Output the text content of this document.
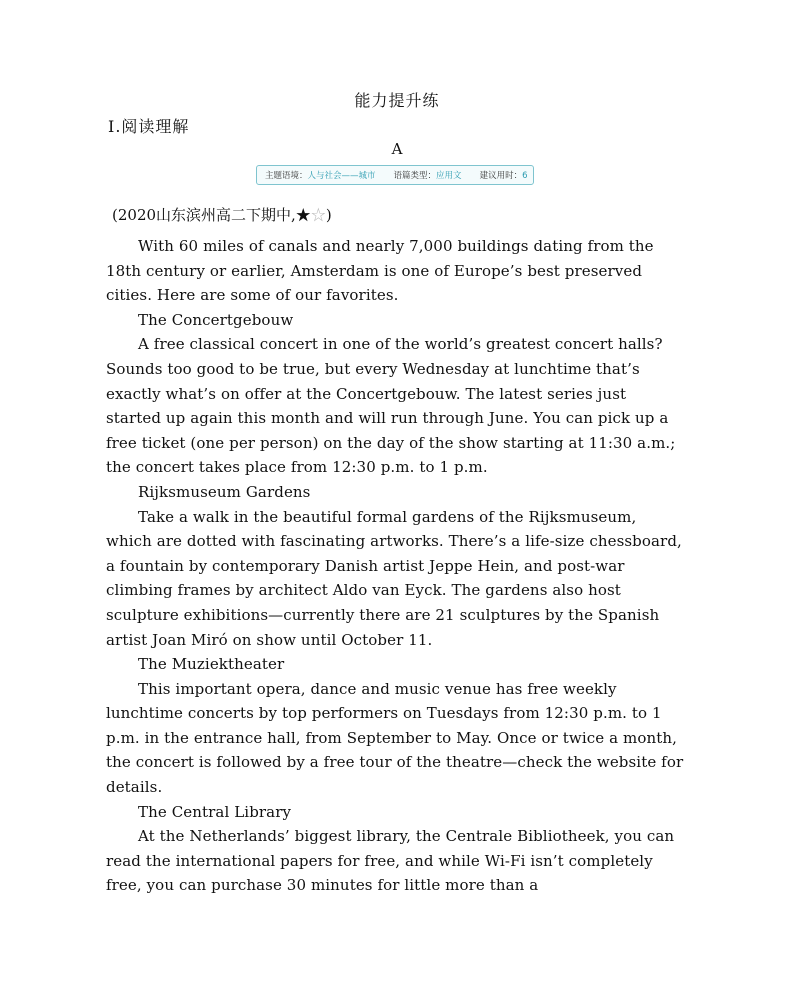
能力提升练
Ⅰ.阅读理解
A
主题语境：人与社会——城市 语篇类型：应用文 建议用时：6
(2020山东滨州高二下期中,★☆)

With 60 miles of canals and nearly 7,000 buildings dating from the 18th century or earlier, Amsterdam is one of Europe’s best preserved cities. Here are some of our favorites.

The Concertgebouw

A free classical concert in one of the world’s greatest concert halls? Sounds too good to be true, but every Wednesday at lunchtime that’s exactly what’s on offer at the Concertgebouw. The latest series just started up again this month and will run through June. You can pick up a free ticket (one per person) on the day of the show starting at 11:30 a.m.; the concert takes place from 12:30 p.m. to 1 p.m.

Rijksmuseum Gardens

Take a walk in the beautiful formal gardens of the Rijksmuseum, which are dotted with fascinating artworks. There’s a life-size chessboard, a fountain by contemporary Danish artist Jeppe Hein, and post-war climbing frames by architect Aldo van Eyck. The gardens also host sculpture exhibitions—currently there are 21 sculptures by the Spanish artist Joan Miró on show until October 11.

The Muziektheater

This important opera, dance and music venue has free weekly lunchtime concerts by top performers on Tuesdays from 12:30 p.m. to 1 p.m. in the entrance hall, from September to May. Once or twice a month, the concert is followed by a free tour of the theatre—check the website for details.

The Central Library

At the Netherlands’ biggest library, the Centrale Bibliotheek, you can read the international papers for free, and while Wi-Fi isn’t completely free, you can purchase 30 minutes for little more than a
